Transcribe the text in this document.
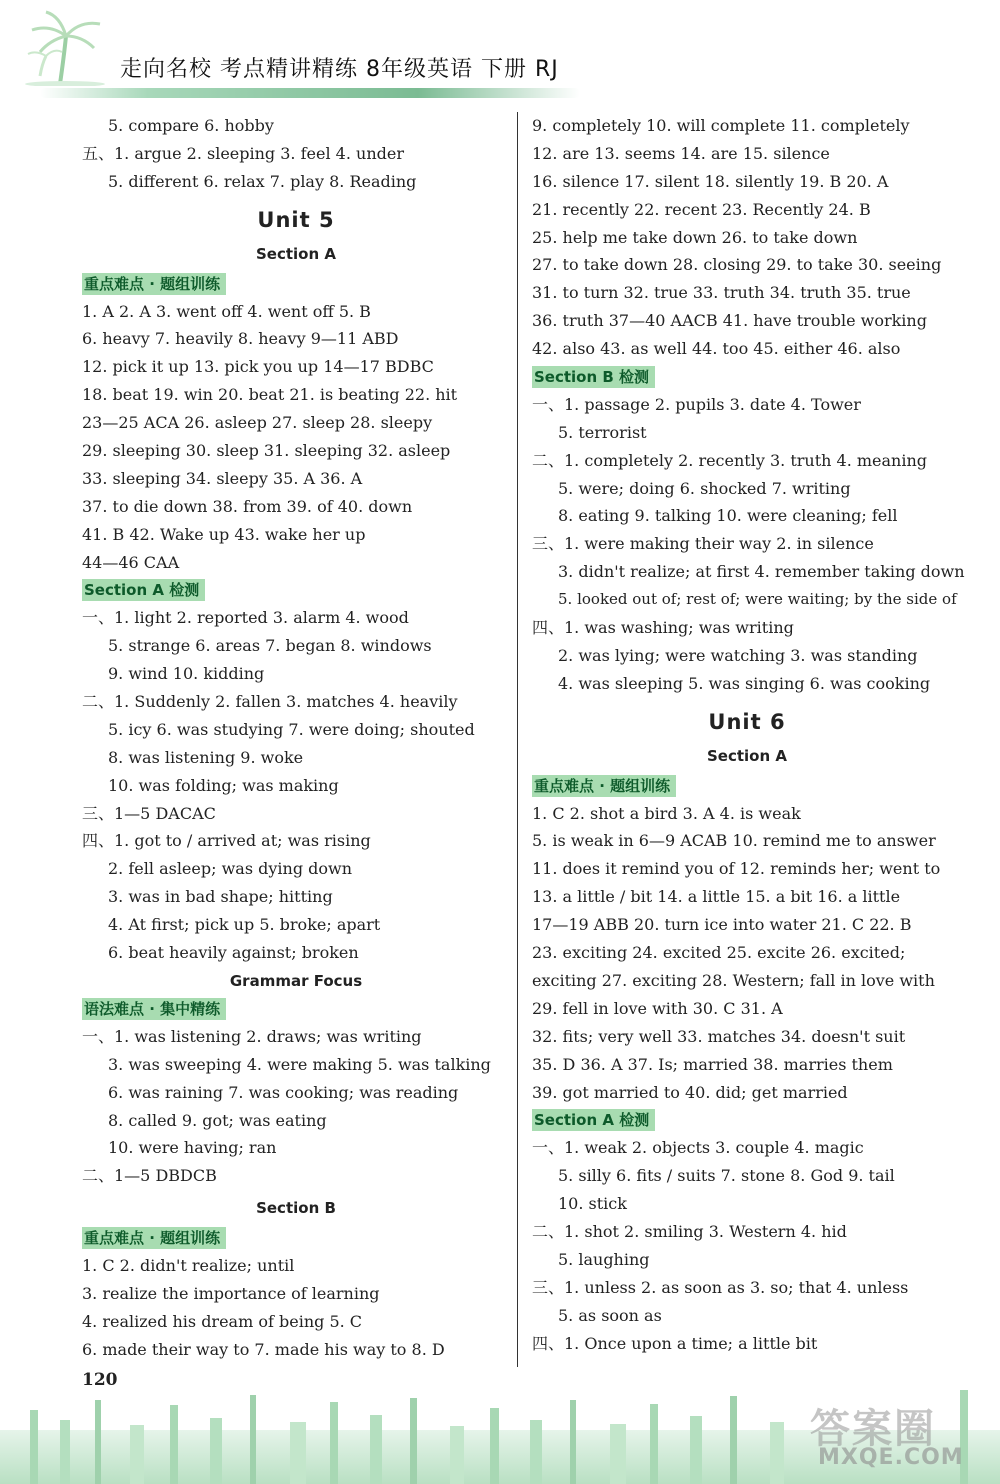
走向名校 考点精讲精练 8年级英语 下册 RJ
5. compare 6. hobby
五、1. argue 2. sleeping 3. feel 4. under
5. different 6. relax 7. play 8. Reading
Unit 5
Section A
重点难点 · 题组训练
1. A 2. A 3. went off 4. went off 5. B
6. heavy 7. heavily 8. heavy 9—11 ABD
12. pick it up 13. pick you up 14—17 BDBC
18. beat 19. win 20. beat 21. is beating 22. hit
23—25 ACA 26. asleep 27. sleep 28. sleepy
29. sleeping 30. sleep 31. sleeping 32. asleep
33. sleeping 34. sleepy 35. A 36. A
37. to die down 38. from 39. of 40. down
41. B 42. Wake up 43. wake her up
44—46 CAA
Section A 检测
一、1. light 2. reported 3. alarm 4. wood
5. strange 6. areas 7. began 8. windows
9. wind 10. kidding
二、1. Suddenly 2. fallen 3. matches 4. heavily
5. icy 6. was studying 7. were doing; shouted
8. was listening 9. woke
10. was folding; was making
三、1—5 DACAC
四、1. got to / arrived at; was rising
2. fell asleep; was dying down
3. was in bad shape; hitting
4. At first; pick up 5. broke; apart
6. beat heavily against; broken
Grammar Focus
语法难点 · 集中精练
一、1. was listening 2. draws; was writing
3. was sweeping 4. were making 5. was talking
6. was raining 7. was cooking; was reading
8. called 9. got; was eating
10. were having; ran
二、1—5 DBDCB
Section B
重点难点 · 题组训练
1. C 2. didn't realize; until
3. realize the importance of learning
4. realized his dream of being 5. C
6. made their way to 7. made his way to 8. D
9. completely 10. will complete 11. completely
12. are 13. seems 14. are 15. silence
16. silence 17. silent 18. silently 19. B 20. A
21. recently 22. recent 23. Recently 24. B
25. help me take down 26. to take down
27. to take down 28. closing 29. to take 30. seeing
31. to turn 32. true 33. truth 34. truth 35. true
36. truth 37—40 AACB 41. have trouble working
42. also 43. as well 44. too 45. either 46. also
Section B 检测
一、1. passage 2. pupils 3. date 4. Tower
5. terrorist
二、1. completely 2. recently 3. truth 4. meaning
5. were; doing 6. shocked 7. writing
8. eating 9. talking 10. were cleaning; fell
三、1. were making their way 2. in silence
3. didn't realize; at first 4. remember taking down
5. looked out of; rest of; were waiting; by the side of
四、1. was washing; was writing
2. was lying; were watching 3. was standing
4. was sleeping 5. was singing 6. was cooking
Unit 6
Section A
重点难点 · 题组训练
1. C 2. shot a bird 3. A 4. is weak
5. is weak in 6—9 ACAB 10. remind me to answer
11. does it remind you of 12. reminds her; went to
13. a little / bit 14. a little 15. a bit 16. a little
17—19 ABB 20. turn ice into water 21. C 22. B
23. exciting 24. excited 25. excite 26. excited;
exciting 27. exciting 28. Western; fall in love with
29. fell in love with 30. C 31. A
32. fits; very well 33. matches 34. doesn't suit
35. D 36. A 37. Is; married 38. marries them
39. got married to 40. did; get married
Section A 检测
一、1. weak 2. objects 3. couple 4. magic
5. silly 6. fits / suits 7. stone 8. God 9. tail
10. stick
二、1. shot 2. smiling 3. Western 4. hid
5. laughing
三、1. unless 2. as soon as 3. so; that 4. unless
5. as soon as
四、1. Once upon a time; a little bit
120
答案圈
MXQE.COM
